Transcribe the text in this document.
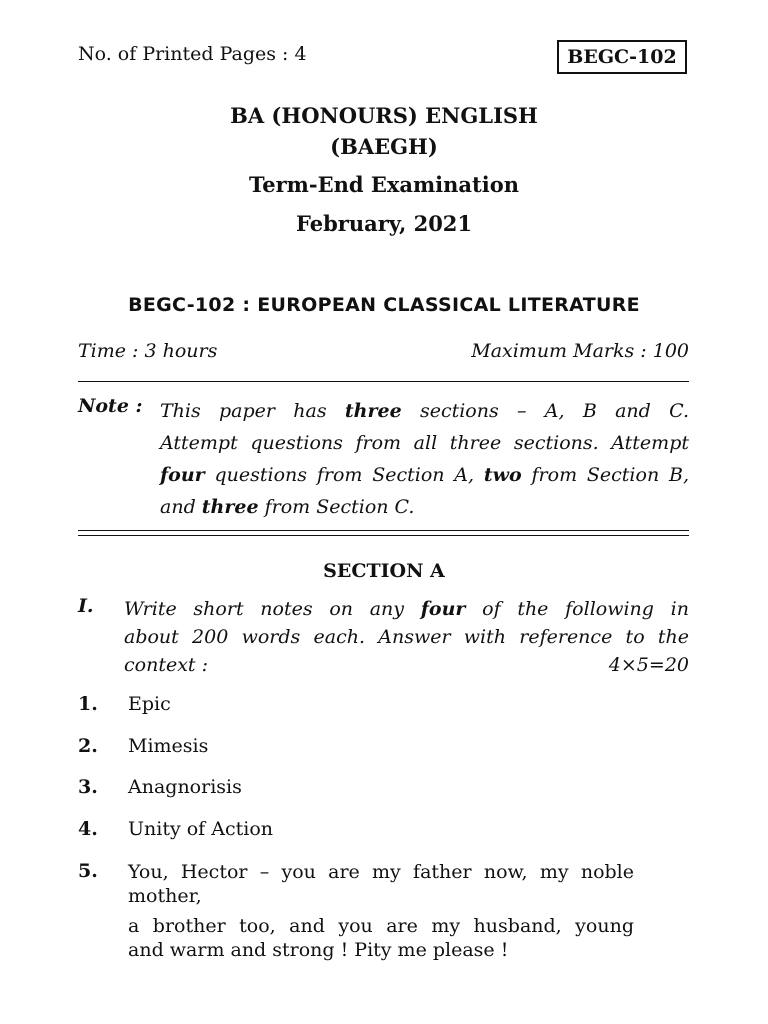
No. of Printed Pages : 4	BEGC-102
BA (HONOURS) ENGLISH
(BAEGH)
Term-End Examination
February, 2021
BEGC-102 : EUROPEAN CLASSICAL LITERATURE
Time : 3 hours	Maximum Marks : 100
Note : This paper has three sections – A, B and C.
Attempt questions from all three sections. Attempt
four questions from Section A, two from Section B,
and three from Section C.
SECTION A
I. Write short notes on any four of the following in
about 200 words each. Answer with reference to the
context :	4×5=20
1. Epic
2. Mimesis
3. Anagnorisis
4. Unity of Action
5. You, Hector – you are my father now, my noble
mother,
a brother too, and you are my husband, young
and warm and strong ! Pity me please !
